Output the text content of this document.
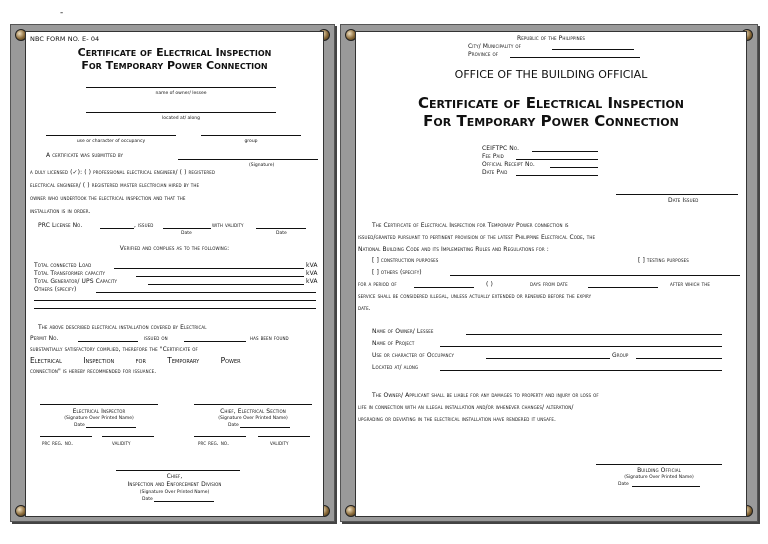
-
NBC FORM NO. E- 04
Certificate of Electrical Inspection
For Temporary Power Connection
name of owner/ lessee
located at/ along
use or character of occupancy	group
A certificate was submitted by
(Signature)
a duly licensed (✓): ( ) professional electrical engineer/ ( ) registered
electrical engineer/ ( ) registered master electrician hired by the
owner who undertook the electrical inspection and that the
installation is in order.
PRC License No.	, issued	with validity
Date	Date
Verified and complies as to the following:
Total connected Load	kVA
Total Transformer capacity	kVA
Total Generator/ UPS Capacity	kVA
Others (specify)
The above described electrical installation covered by Electrical
Permit No.	issued on	has been found
substantially satisfactory complied, therefore the "Certificate of
Electrical Inspection for Temporary Power
connection" is hereby recommended for issuance.
Electrical Inspector	Chief, Electrical Section
(Signature Over Printed Name)	(Signature Over Printed Name)
Date	Date
prc reg. no.	validity	prc reg. no.	validity
Chief,
Inspection and Enforcement Division
(Signature Over Printed Name)
Date
Republic of the Philippines
City/ Municipality of
Province of
OFFICE OF THE BUILDING OFFICIAL
Certificate of Electrical Inspection
For Temporary Power Connection
CEIFTPC No.
Fee Paid
Official Receipt No.
Date Paid
Date Issued
The Certificate of Electrical Inspection for Temporary Power connection is
issued/granted pursuant to pertinent provision of the latest Philippine Electrical Code, the
National Building Code and its Implementing Rules and Regulations for :
[ ] construction purposes	[ ] testing purposes
[ ] others (specify)
for a period of	( )	days from date	after which the
service shall be considered illegal, unless actually extended or renewed before the expiry
date.
Name of Owner/ Lessee
Name of Project
Use or character of Occupancy	Group
Located at/ along
The Owner/ Applicant shall be liable for any damages to property and injury or loss of
life in connection with an illegal installation and/or whenever changes/ alteration/
upgrading or deviating in the electrical installation have rendered it unsafe.
Building Official
(Signature Over Printed Name)
Date
